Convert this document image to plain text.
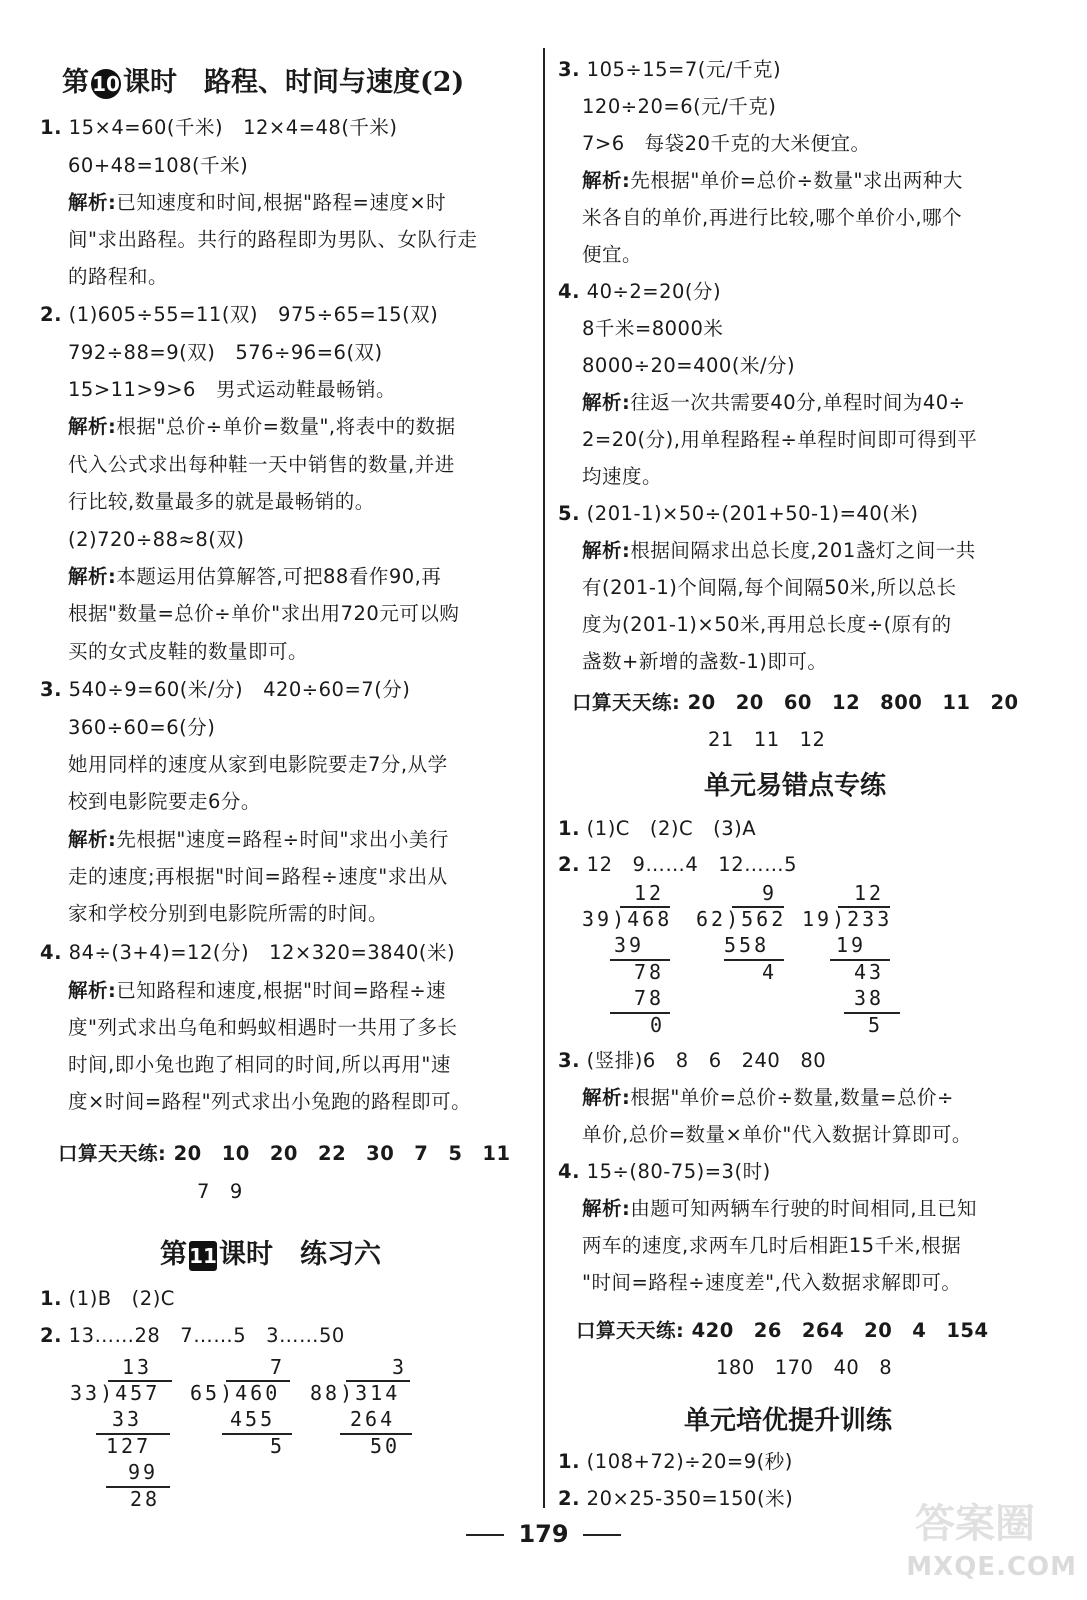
第 10 课时　路程、时间与速度(2)
1. 15×4=60(千米)　12×4=48(千米)
60+48=108(千米)
解析:已知速度和时间,根据"路程=速度×时
间"求出路程。共行的路程即为男队、女队行走
的路程和。
2. (1)605÷55=11(双)　975÷65=15(双)
792÷88=9(双)　576÷96=6(双)
15>11>9>6　男式运动鞋最畅销。
解析:根据"总价÷单价=数量",将表中的数据
代入公式求出每种鞋一天中销售的数量,并进
行比较,数量最多的就是最畅销的。
(2)720÷88≈8(双)
解析:本题运用估算解答,可把88看作90,再
根据"数量=总价÷单价"求出用720元可以购
买的女式皮鞋的数量即可。
3. 540÷9=60(米/分)　420÷60=7(分)
360÷60=6(分)
她用同样的速度从家到电影院要走7分,从学
校到电影院要走6分。
解析:先根据"速度=路程÷时间"求出小美行
走的速度;再根据"时间=路程÷速度"求出从
家和学校分别到电影院所需的时间。
4. 84÷(3+4)=12(分)　12×320=3840(米)
解析:已知路程和速度,根据"时间=路程÷速
度"列式求出乌龟和蚂蚁相遇时一共用了多长
时间,即小兔也跑了相同的时间,所以再用"速
度×时间=路程"列式求出小兔跑的路程即可。
口算天天练: 20　10　20　22　30　7　5　11
7　9
第 11课时　练习六
1. (1)B　(2)C
2. 13……28　7……5　3……50
13
33)457
33
127
99
28
7
65)460
455
5
3
88)314
264
50
3. 105÷15=7(元/千克)
120÷20=6(元/千克)
7>6　每袋20千克的大米便宜。
解析:先根据"单价=总价÷数量"求出两种大
米各自的单价,再进行比较,哪个单价小,哪个
便宜。
4. 40÷2=20(分)
8千米=8000米
8000÷20=400(米/分)
解析:往返一次共需要40分,单程时间为40÷
2=20(分),用单程路程÷单程时间即可得到平
均速度。
5. (201-1)×50÷(201+50-1)=40(米)
解析:根据间隔求出总长度,201盏灯之间一共
有(201-1)个间隔,每个间隔50米,所以总长
度为(201-1)×50米,再用总长度÷(原有的
盏数+新增的盏数-1)即可。
口算天天练: 20　20　60　12　800　11　20
21　11　12
单元易错点专练
1. (1)C　(2)C　(3)A
2. 12　9……4　12……5
12
39)468
39
78
78
0
9
62)562
558
4
12
19)233
19
43
38
5
3. (竖排)6　8　6　240　80
解析:根据"单价=总价÷数量,数量=总价÷
单价,总价=数量×单价"代入数据计算即可。
4. 15÷(80-75)=3(时)
解析:由题可知两辆车行驶的时间相同,且已知
两车的速度,求两车几时后相距15千米,根据
"时间=路程÷速度差",代入数据求解即可。
口算天天练: 420　26　264　20　4　154
180　170　40　8
单元培优提升训练
1. (108+72)÷20=9(秒)
2. 20×25-350=150(米)
179	答案圈
MXQE.COM
